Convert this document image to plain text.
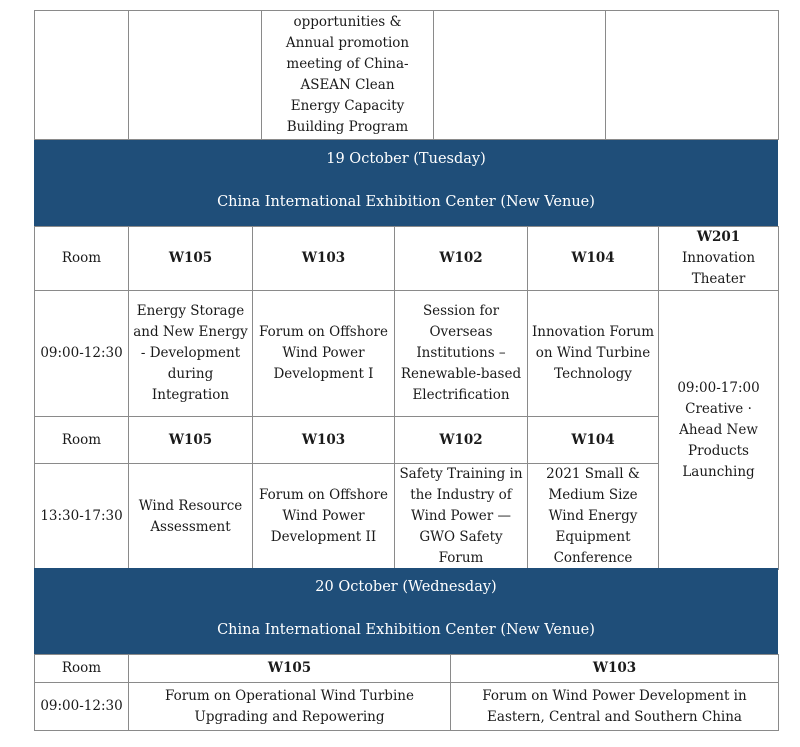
		opportunities & Annual promotion meeting of China-ASEAN Clean Energy Capacity Building Program		
19 October (Tuesday)
China International Exhibition Center (New Venue)
Room	W105	W103	W102	W104	W201
Innovation Theater

09:00-12:30	Energy Storage and New Energy - Development during Integration	Forum on Offshore Wind Power Development I	Session for Overseas Institutions – Renewable-based Electrification	Innovation Forum on Wind Turbine Technology	09:00-17:00
Creative · Ahead New Products Launching

Room	W105	W103	W102	W104	
13:30-17:30	Wind Resource Assessment	Forum on Offshore Wind Power Development II	Safety Training in the Industry of Wind Power —GWO Safety Forum	2021 Small & Medium Size Wind Energy Equipment Conference	
20 October (Wednesday)
China International Exhibition Center (New Venue)
Room	W105	W103
09:00-12:30	Forum on Operational Wind Turbine Upgrading and Repowering	Forum on Wind Power Development in Eastern, Central and Southern China
